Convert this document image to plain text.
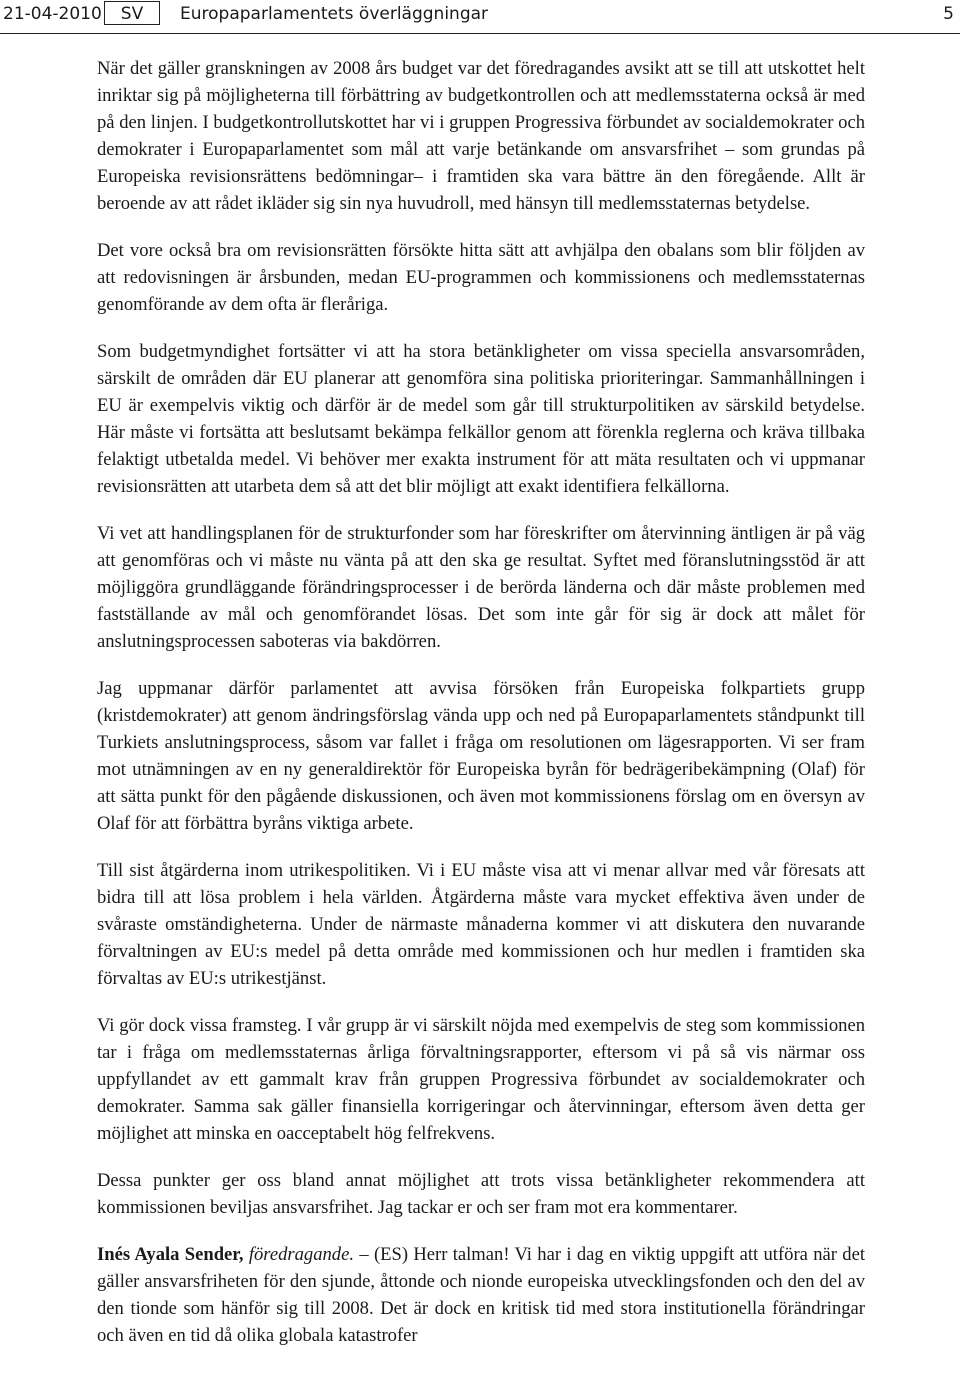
21-04-2010	SV	Europaparlamentets överläggningar	5

När det gäller granskningen av 2008 års budget var det föredragandes avsikt att se till att utskottet helt inriktar sig på möjligheterna till förbättring av budgetkontrollen och att medlemsstaterna också är med på den linjen. I budgetkontrollutskottet har vi i gruppen Progressiva förbundet av socialdemokrater och demokrater i Europaparlamentet som mål att varje betänkande om ansvarsfrihet – som grundas på Europeiska revisionsrättens bedömningar– i framtiden ska vara bättre än den föregående. Allt är beroende av att rådet ikläder sig sin nya huvudroll, med hänsyn till medlemsstaternas betydelse.

Det vore också bra om revisionsrätten försökte hitta sätt att avhjälpa den obalans som blir följden av att redovisningen är årsbunden, medan EU-programmen och kommissionens och medlemsstaternas genomförande av dem ofta är fleråriga.

Som budgetmyndighet fortsätter vi att ha stora betänkligheter om vissa speciella ansvarsområden, särskilt de områden där EU planerar att genomföra sina politiska prioriteringar. Sammanhållningen i EU är exempelvis viktig och därför är de medel som går till strukturpolitiken av särskild betydelse. Här måste vi fortsätta att beslutsamt bekämpa felkällor genom att förenkla reglerna och kräva tillbaka felaktigt utbetalda medel. Vi behöver mer exakta instrument för att mäta resultaten och vi uppmanar revisionsrätten att utarbeta dem så att det blir möjligt att exakt identifiera felkällorna.

Vi vet att handlingsplanen för de strukturfonder som har föreskrifter om återvinning äntligen är på väg att genomföras och vi måste nu vänta på att den ska ge resultat. Syftet med föranslutningsstöd är att möjliggöra grundläggande förändringsprocesser i de berörda länderna och där måste problemen med fastställande av mål och genomförandet lösas. Det som inte går för sig är dock att målet för anslutningsprocessen saboteras via bakdörren.

Jag uppmanar därför parlamentet att avvisa försöken från Europeiska folkpartiets grupp (kristdemokrater) att genom ändringsförslag vända upp och ned på Europaparlamentets ståndpunkt till Turkiets anslutningsprocess, såsom var fallet i fråga om resolutionen om lägesrapporten. Vi ser fram mot utnämningen av en ny generaldirektör för Europeiska byrån för bedrägeribekämpning (Olaf) för att sätta punkt för den pågående diskussionen, och även mot kommissionens förslag om en översyn av Olaf för att förbättra byråns viktiga arbete.

Till sist åtgärderna inom utrikespolitiken. Vi i EU måste visa att vi menar allvar med vår föresats att bidra till att lösa problem i hela världen. Åtgärderna måste vara mycket effektiva även under de svåraste omständigheterna. Under de närmaste månaderna kommer vi att diskutera den nuvarande förvaltningen av EU:s medel på detta område med kommissionen och hur medlen i framtiden ska förvaltas av EU:s utrikestjänst.

Vi gör dock vissa framsteg. I vår grupp är vi särskilt nöjda med exempelvis de steg som kommissionen tar i fråga om medlemsstaternas årliga förvaltningsrapporter, eftersom vi på så vis närmar oss uppfyllandet av ett gammalt krav från gruppen Progressiva förbundet av socialdemokrater och demokrater. Samma sak gäller finansiella korrigeringar och återvinningar, eftersom även detta ger möjlighet att minska en oacceptabelt hög felfrekvens.

Dessa punkter ger oss bland annat möjlighet att trots vissa betänkligheter rekommendera att kommissionen beviljas ansvarsfrihet. Jag tackar er och ser fram mot era kommentarer.

Inés Ayala Sender, föredragande. – (ES) Herr talman! Vi har i dag en viktig uppgift att utföra när det gäller ansvarsfriheten för den sjunde, åttonde och nionde europeiska utvecklingsfonden och den del av den tionde som hänför sig till 2008. Det är dock en kritisk tid med stora institutionella förändringar och även en tid då olika globala katastrofer
